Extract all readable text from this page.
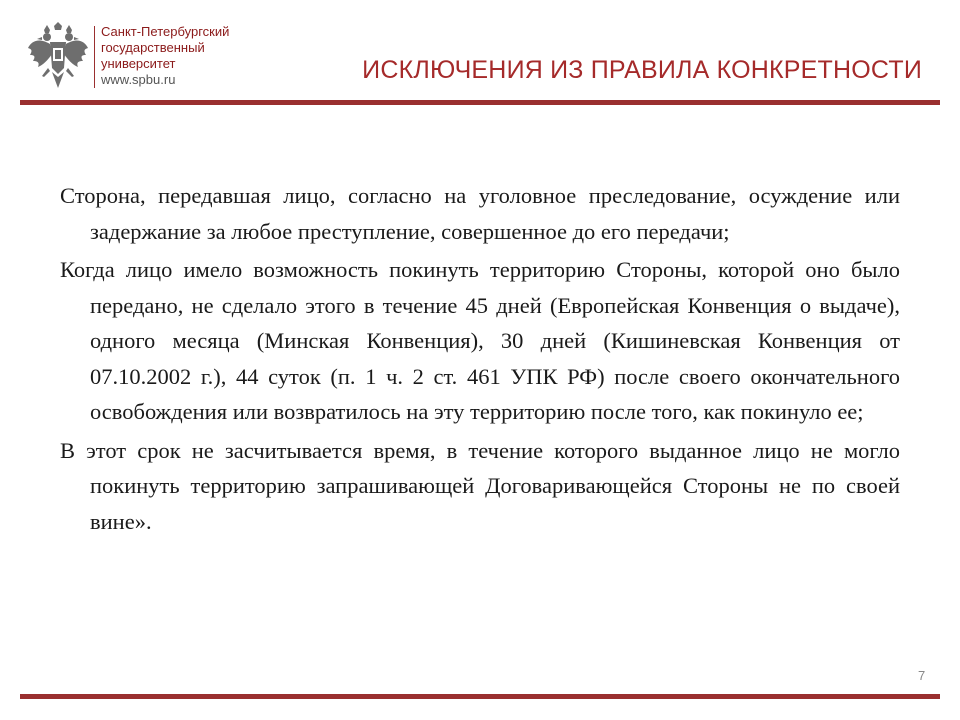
Санкт-Петербургский
государственный
университет
www.spbu.ru	ИСКЛЮЧЕНИЯ ИЗ ПРАВИЛА КОНКРЕТНОСТИ

Сторона, передавшая лицо, согласно на уголовное преследование, осуждение или задержание за любое преступление, совершенное до его передачи;

Когда лицо имело возможность покинуть территорию Стороны, которой оно было передано, не сделало этого в течение 45 дней (Европейская Конвенция о выдаче), одного месяца (Минская Конвенция), 30 дней (Кишиневская Конвенция от 07.10.2002 г.), 44 суток (п. 1 ч. 2 ст. 461 УПК РФ) после своего окончательного освобождения или возвратилось на эту территорию после того, как покинуло ее;

В этот срок не засчитывается время, в течение которого выданное лицо не могло покинуть территорию запрашивающей Договаривающейся Стороны не по своей вине».

7
